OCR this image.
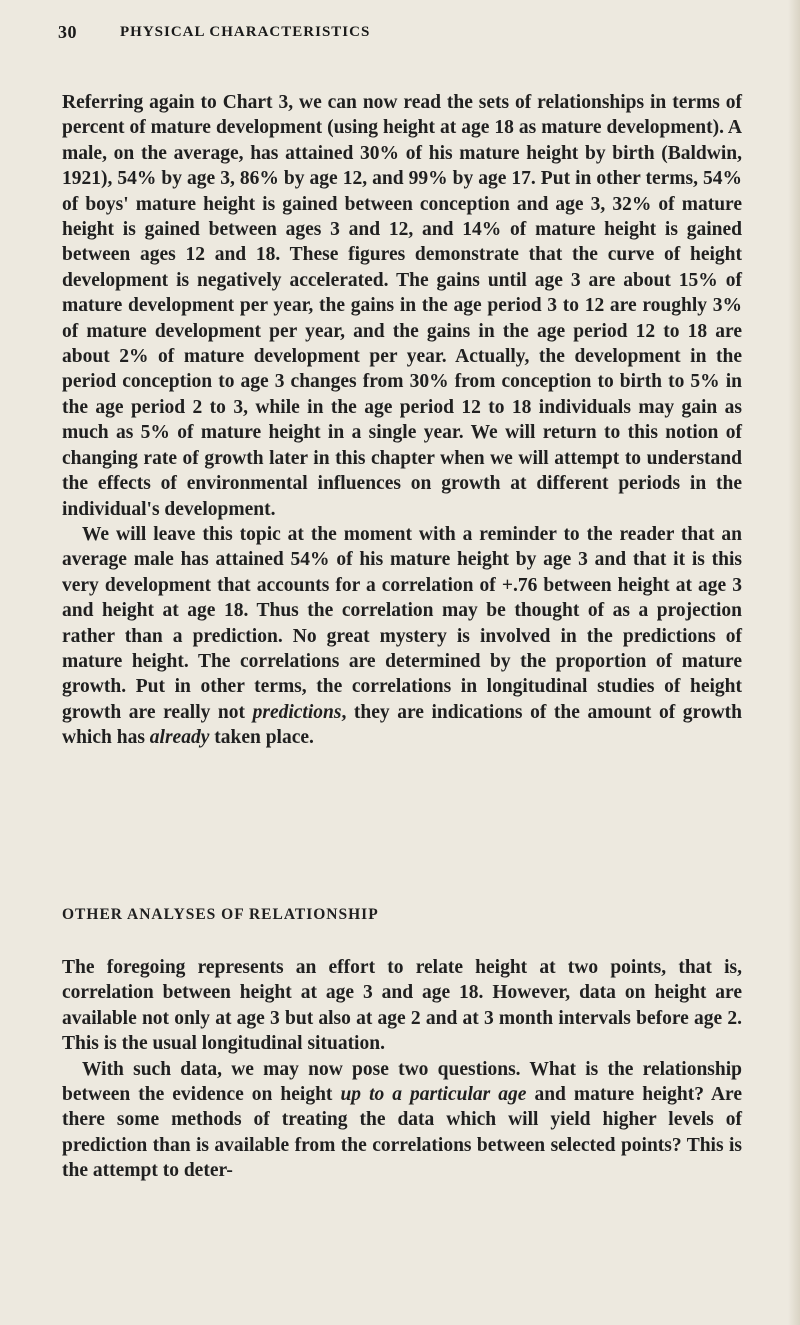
30	PHYSICAL CHARACTERISTICS

Referring again to Chart 3, we can now read the sets of relationships in terms of percent of mature development (using height at age 18 as mature development). A male, on the average, has attained 30% of his mature height by birth (Baldwin, 1921), 54% by age 3, 86% by age 12, and 99% by age 17. Put in other terms, 54% of boys' mature height is gained between conception and age 3, 32% of mature height is gained between ages 3 and 12, and 14% of mature height is gained between ages 12 and 18. These figures demonstrate that the curve of height development is negatively accelerated. The gains until age 3 are about 15% of mature development per year, the gains in the age period 3 to 12 are roughly 3% of mature development per year, and the gains in the age period 12 to 18 are about 2% of mature development per year. Actually, the development in the period conception to age 3 changes from 30% from conception to birth to 5% in the age period 2 to 3, while in the age period 12 to 18 individuals may gain as much as 5% of mature height in a single year. We will return to this notion of changing rate of growth later in this chapter when we will attempt to understand the effects of environmental influences on growth at different periods in the individual's development.

We will leave this topic at the moment with a reminder to the reader that an average male has attained 54% of his mature height by age 3 and that it is this very development that accounts for a correlation of +.76 between height at age 3 and height at age 18. Thus the correlation may be thought of as a projection rather than a prediction. No great mystery is involved in the predictions of mature height. The correlations are determined by the proportion of mature growth. Put in other terms, the correlations in longitudinal studies of height growth are really not predictions, they are indications of the amount of growth which has already taken place.

OTHER ANALYSES OF RELATIONSHIP

The foregoing represents an effort to relate height at two points, that is, correlation between height at age 3 and age 18. However, data on height are available not only at age 3 but also at age 2 and at 3 month intervals before age 2. This is the usual longitudinal situation.

With such data, we may now pose two questions. What is the relationship between the evidence on height up to a particular age and mature height? Are there some methods of treating the data which will yield higher levels of prediction than is available from the correlations between selected points? This is the attempt to deter-
